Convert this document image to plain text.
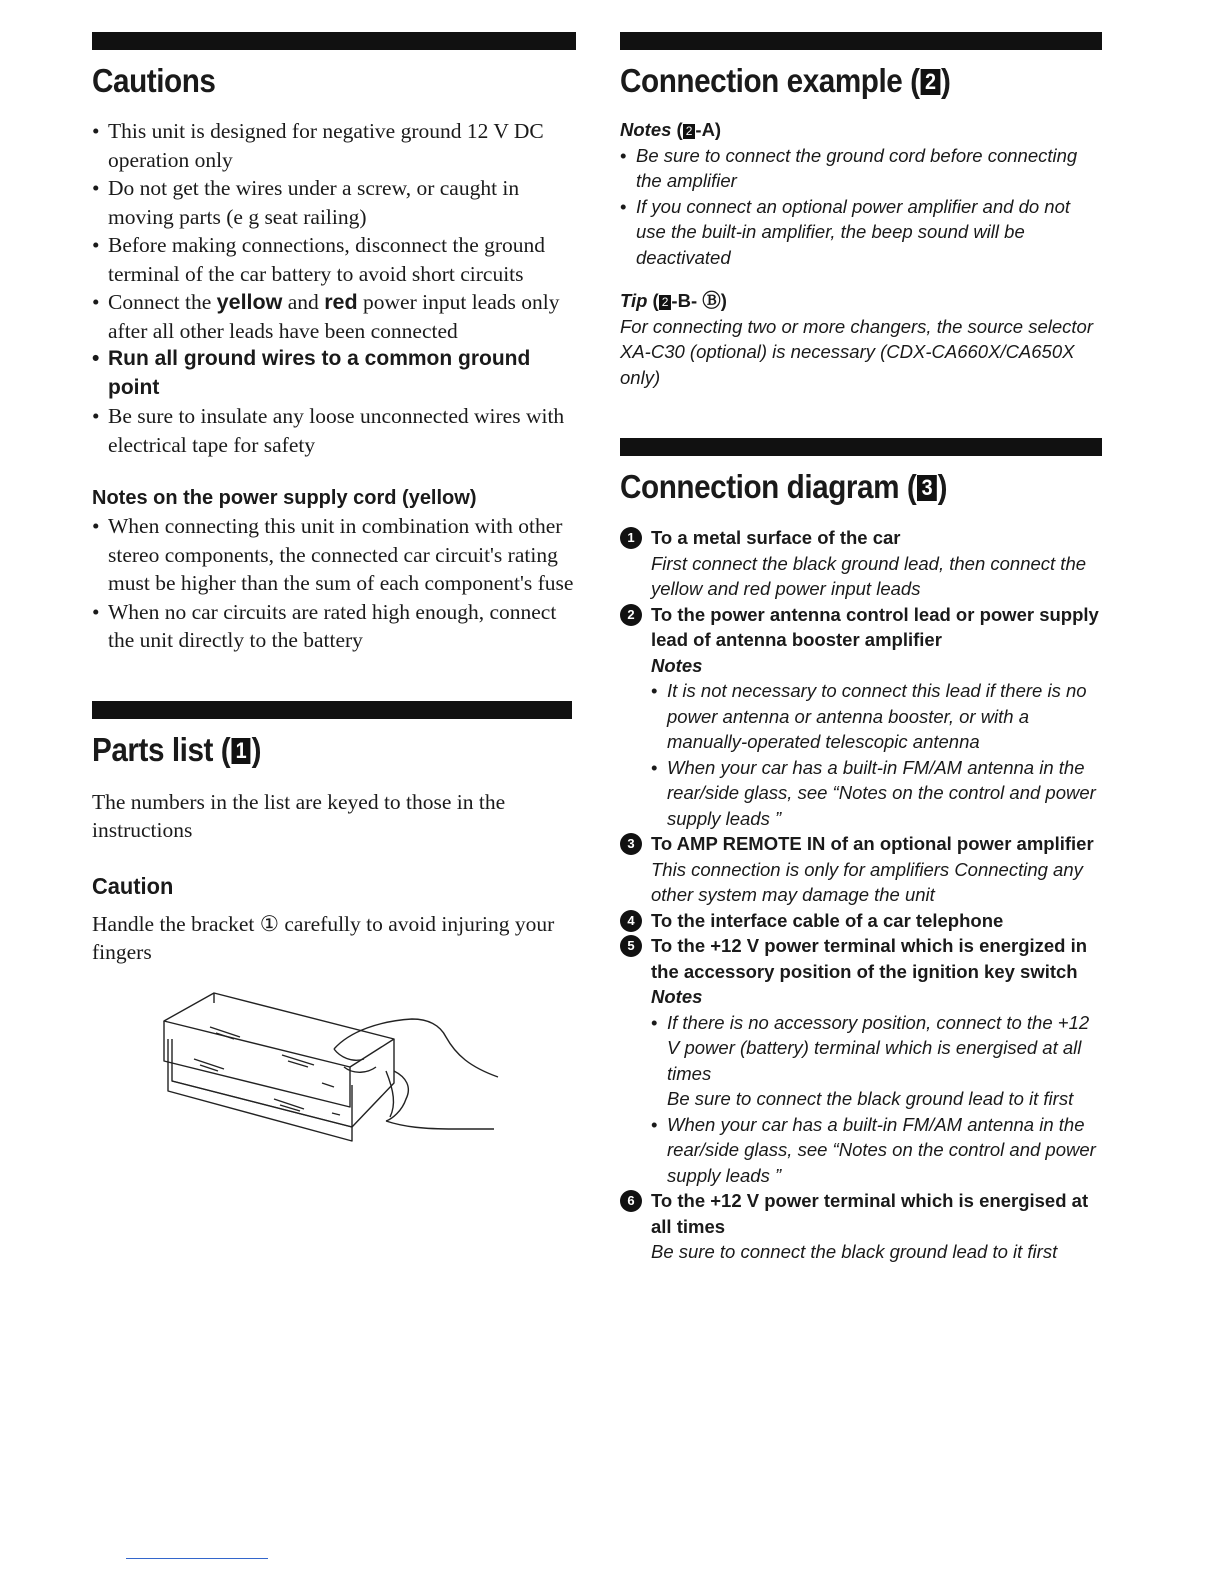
Cautions
• This unit is designed for negative ground 12 V DC operation only
• Do not get the wires under a screw, or caught in moving parts (e g seat railing)
• Before making connections, disconnect the ground terminal of the car battery to avoid short circuits
• Connect the yellow and red power input leads only after all other leads have been connected
• Run all ground wires to a common ground point
• Be sure to insulate any loose unconnected wires with electrical tape for safety
Notes on the power supply cord (yellow)
• When connecting this unit in combination with other stereo components, the connected car circuit's rating must be higher than the sum of each component's fuse
• When no car circuits are rated high enough, connect the unit directly to the battery
Parts list ( 1 )
The numbers in the list are keyed to those in the instructions
Caution
Handle the bracket ① carefully to avoid injuring your fingers
Connection example ( 2 )
Notes ( 2 -A)
• Be sure to connect the ground cord before connecting the amplifier
• If you connect an optional power amplifier and do not use the built-in amplifier, the beep sound will be deactivated
Tip ( 2 -B- Ⓑ)
For connecting two or more changers, the source selector XA-C30 (optional) is necessary (CDX-CA660X/CA650X only)
Connection diagram ( 3 )
1 To a metal surface of the car
First connect the black ground lead, then connect the yellow and red power input leads
2 To the power antenna control lead or power supply lead of antenna booster amplifier
Notes
• It is not necessary to connect this lead if there is no power antenna or antenna booster, or with a manually-operated telescopic antenna
• When your car has a built-in FM/AM antenna in the rear/side glass, see “Notes on the control and power supply leads ”
3 To AMP REMOTE IN of an optional power amplifier
This connection is only for amplifiers Connecting any other system may damage the unit
4 To the interface cable of a car telephone
5 To the +12 V power terminal which is energized in the accessory position of the ignition key switch
Notes
• If there is no accessory position, connect to the +12 V power (battery) terminal which is energised at all times
Be sure to connect the black ground lead to it first
• When your car has a built-in FM/AM antenna in the rear/side glass, see “Notes on the control and power supply leads ”
6 To the +12 V power terminal which is energised at all times
Be sure to connect the black ground lead to it first
